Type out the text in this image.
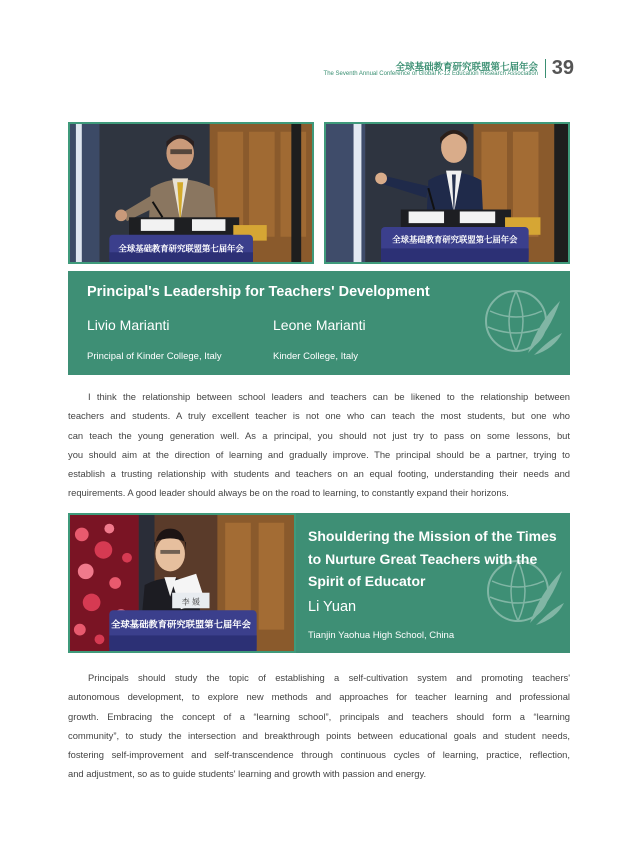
全球基础教育研究联盟第七届年会
The Seventh Annual Conference of Global K-12 Education Research Association 39
全球基础教育研究联盟第七届年会
全球基础教育研究联盟第七届年会
Principal's Leadership for Teachers' Development
Livio Marianti	Leone Marianti
Principal of Kinder College, Italy	Kinder College, Italy
I think the relationship between school leaders and teachers can be likened to the relationship between
teachers and students. A truly excellent teacher is not one who can teach the most students, but one who
can teach the young generation well. As a principal, you should not just try to pass on some lessons, but
you should aim at the direction of learning and gradually improve. The principal should be a partner, trying to
establish a trusting relationship with students and teachers on an equal footing, understanding their needs and
requirements. A good leader should always be on the road to learning, to constantly expand their horizons.
李 媛
全球基础教育研究联盟第七届年会
Shouldering the Mission of the Times
to Nurture Great Teachers with the
Spirit of Educator
Li Yuan
Tianjin Yaohua High School, China
Principals should study the topic of establishing a self-cultivation system and promoting teachers'
autonomous development, to explore new methods and approaches for teacher learning and professional
growth. Embracing the concept of a “learning school”, principals and teachers should form a “learning
community”, to study the intersection and breakthrough points between educational goals and student needs,
fostering self-improvement and self-transcendence through continuous cycles of learning, practice, reflection,
and adjustment, so as to guide students' learning and growth with passion and energy.
